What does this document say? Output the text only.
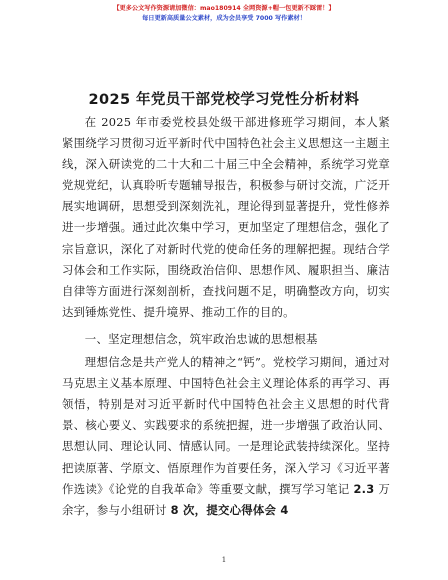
【更多公文写作资源请加微信：mao180914 全网资源+帽一包更新不踩雷！】
每日更新高质量公文素材，成为会员享受 7000 写作素材！
2025 年党员干部党校学习党性分析材料

在 2025 年市委党校县处级干部进修班学习期间，本人紧紧围绕学习贯彻习近平新时代中国特色社会主义思想这一主题主线，深入研读党的二十大和二十届三中全会精神，系统学习党章党规党纪，认真聆听专题辅导报告，积极参与研讨交流，广泛开展实地调研，思想受到深刻洗礼，理论得到显著提升，党性修养进一步增强。通过此次集中学习，更加坚定了理想信念，强化了宗旨意识，深化了对新时代党的使命任务的理解把握。现结合学习体会和工作实际，围绕政治信仰、思想作风、履职担当、廉洁自律等方面进行深刻剖析，查找问题不足，明确整改方向，切实达到锤炼党性、提升境界、推动工作的目的。

一、坚定理想信念，筑牢政治忠诚的思想根基

理想信念是共产党人的精神之“钙”。党校学习期间，通过对马克思主义基本原理、中国特色社会主义理论体系的再学习、再领悟，特别是对习近平新时代中国特色社会主义思想的时代背景、核心要义、实践要求的系统把握，进一步增强了政治认同、思想认同、理论认同、情感认同。一是理论武装持续深化。坚持把读原著、学原文、悟原理作为首要任务，深入学习《习近平著作选读》《论党的自我革命》等重要文献，撰写学习笔记 2.3 万余字，参与小组研讨 8 次，提交心得体会 4

1
